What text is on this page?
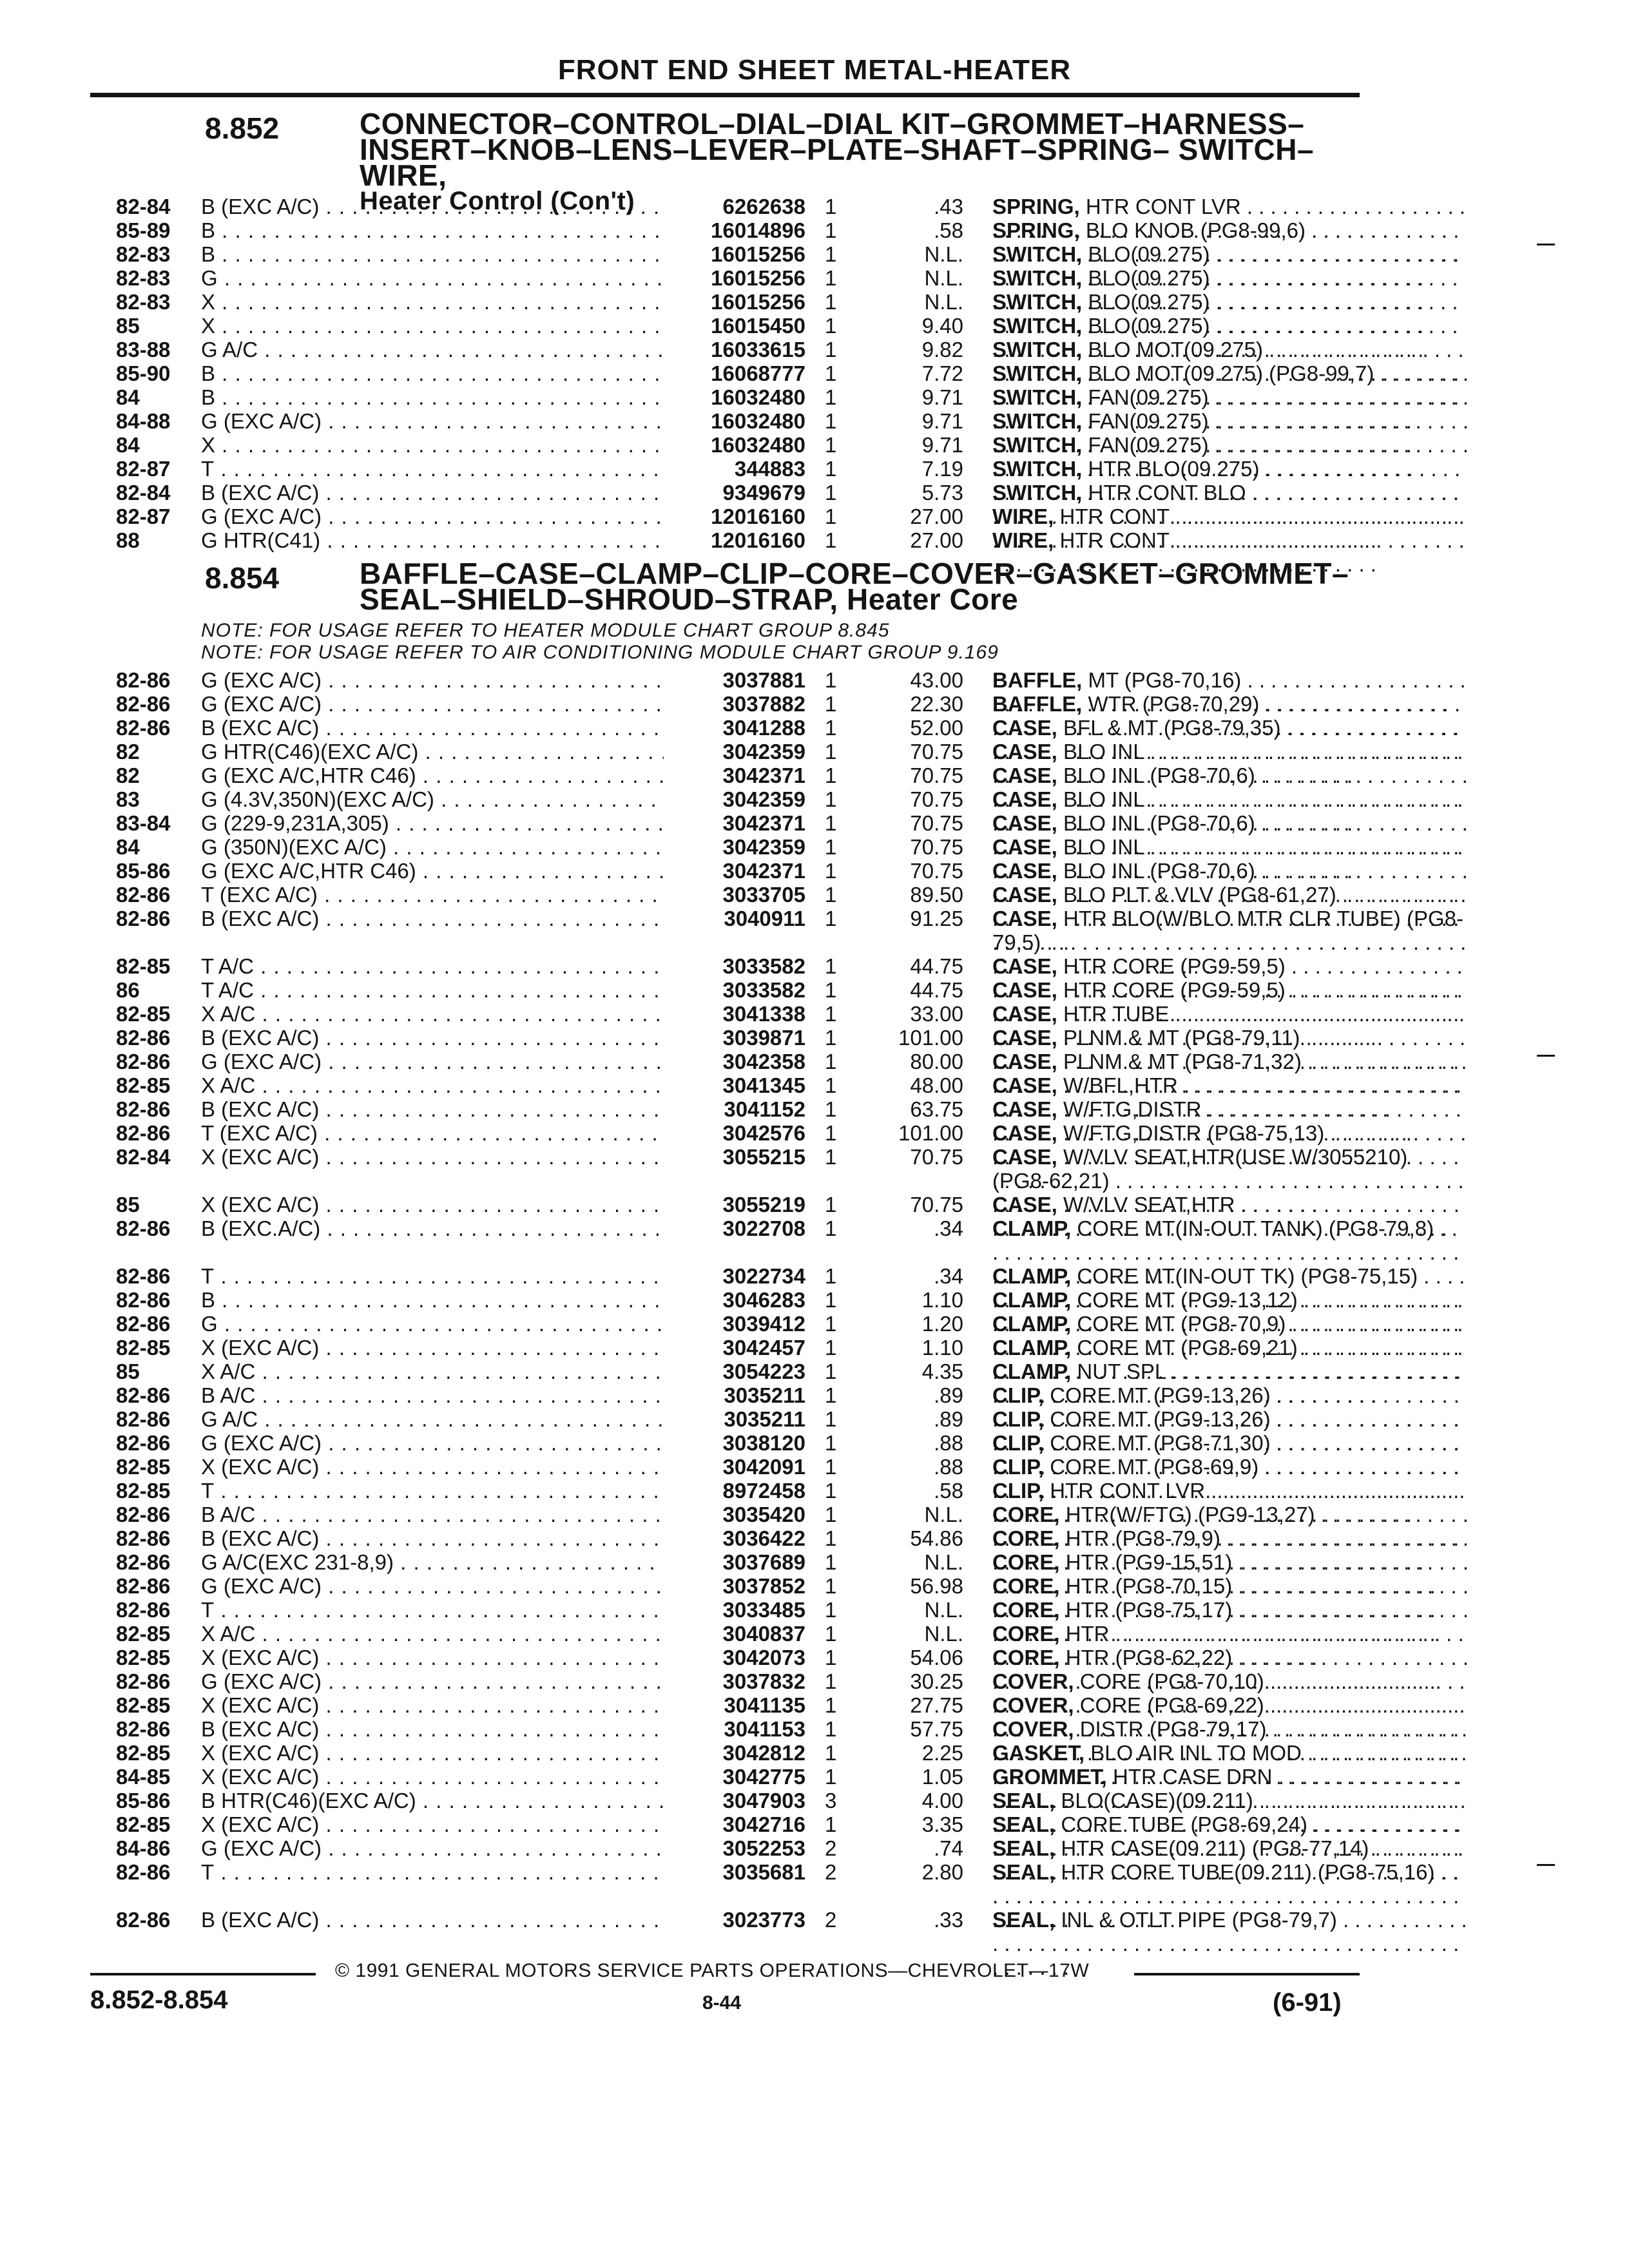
FRONT END SHEET METAL-HEATER
8.852	CONNECTOR–CONTROL–DIAL–DIAL KIT–GROMMET–HARNESS–
INSERT–KNOB–LENS–LEVER–PLATE–SHAFT–SPRING– SWITCH–WIRE,
Heater Control (Con't)
82-84 B (EXC A/C) . . .	6262638 1	.43 SPRING, HTR CONT LVR . . .
85-89 B . . .	16014896 1	.58 SPRING, BLO KNOB (PG8-99,6) . . .
82-83 B . . .	16015256 1	N.L. SWITCH, BLO(09.275) . . .
82-83 G . . .	16015256 1	N.L. SWITCH, BLO(09.275) . . .
82-83 X . . .	16015256 1	N.L. SWITCH, BLO(09.275) . . .
85	X . . .	16015450 1	9.40 SWITCH, BLO(09.275) . . .
83-88 G A/C . . .	16033615 1	9.82 SWITCH, BLO MOT(09.275) . . .
85-90 B . . .	16068777 1	7.72 SWITCH, BLO MOT(09.275) (PG8-99,7) . . .
84	B . . .	16032480 1	9.71 SWITCH, FAN(09.275) . . .
84-88 G (EXC A/C) . . .	16032480 1	9.71 SWITCH, FAN(09.275) . . .
84	X . . .	16032480 1	9.71 SWITCH, FAN(09.275) . . .
82-87 T . . .	344883 1	7.19 SWITCH, HTR BLO(09.275) . . .
82-84 B (EXC A/C) . . .	9349679 1	5.73 SWITCH, HTR CONT BLO . . .
82-87 G (EXC A/C) . . .	12016160 1	27.00 WIRE, HTR CONT . . .
88	G HTR(C41) . . .	12016160 1	27.00 WIRE, HTR CONT . . .
8.854	BAFFLE–CASE–CLAMP–CLIP–CORE–COVER–GASKET–GROMMET–
SEAL–SHIELD–SHROUD–STRAP, Heater Core
NOTE: FOR USAGE REFER TO HEATER MODULE CHART GROUP 8.845
NOTE: FOR USAGE REFER TO AIR CONDITIONING MODULE CHART GROUP 9.169
82-86 G (EXC A/C) . . .	3037881 1	43.00 BAFFLE, MT (PG8-70,16) . . .
82-86 G (EXC A/C) . . .	3037882 1	22.30 BAFFLE, WTR (PG8-70,29) . . .
82-86 B (EXC A/C) . . .	3041288 1	52.00 CASE, BFL & MT (PG8-79,35) . . .
82	G HTR(C46)(EXC A/C) . . .	3042359 1	70.75 CASE, BLO INL . . .
82	G (EXC A/C,HTR C46) . . .	3042371 1	70.75 CASE, BLO INL (PG8-70,6) . . .
83	G (4.3V,350N)(EXC A/C) . . .	3042359 1	70.75 CASE, BLO INL . . .
83-84 G (229-9,231A,305) . . .	3042371 1	70.75 CASE, BLO INL (PG8-70,6) . . .
84	G (350N)(EXC A/C) . . .	3042359 1	70.75 CASE, BLO INL . . .
85-86 G (EXC A/C,HTR C46) . . .	3042371 1	70.75 CASE, BLO INL (PG8-70,6) . . .
82-86 T (EXC A/C) . . .	3033705 1	89.50 CASE, BLO PLT & VLV (PG8-61,27) . . .
82-86 B (EXC A/C) . . .	3040911 1	91.25 CASE, HTR BLO(W/BLO MTR CLR TUBE) (PG8-79,5) . . .
82-85 T A/C . . .	3033582 1	44.75 CASE, HTR CORE (PG9-59,5) . . .
86	T A/C . . .	3033582 1	44.75 CASE, HTR CORE (PG9-59,5) . . .
82-85 X A/C . . .	3041338 1	33.00 CASE, HTR TUBE . . .
82-86 B (EXC A/C) . . .	3039871 1	101.00 CASE, PLNM & MT (PG8-79,11) . . .
82-86 G (EXC A/C) . . .	3042358 1	80.00 CASE, PLNM & MT (PG8-71,32) . . .
82-85 X A/C . . .	3041345 1	48.00 CASE, W/BFL,HTR . . .
82-86 B (EXC A/C) . . .	3041152 1	63.75 CASE, W/FTG,DISTR . . .
82-86 T (EXC A/C) . . .	3042576 1	101.00 CASE, W/FTG,DISTR (PG8-75,13) . . .
82-84 X (EXC A/C) . . .	3055215 1	70.75 CASE, W/VLV SEAT,HTR(USE W/3055210) (PG8-62,21) . . .
85	X (EXC A/C) . . .	3055219 1	70.75 CASE, W/VLV SEAT,HTR . . .
82-86 B (EXC.A/C) . . .	3022708 1	.34 CLAMP, CORE MT(IN-OUT TANK) (PG8-79,8) . . .
82-86 T . . .	3022734 1	.34 CLAMP, CORE MT(IN-OUT TK) (PG8-75,15) . . .
82-86 B . . .	3046283 1	1.10 CLAMP, CORE MT (PG9-13,12) . . .
82-86 G . . .	3039412 1	1.20 CLAMP, CORE MT (PG8-70,9) . . .
82-85 X (EXC A/C) . . .	3042457 1	1.10 CLAMP, CORE MT (PG8-69,21) . . .
85	X A/C . . .	3054223 1	4.35 CLAMP, NUT SPL . . .
82-86 B A/C . . .	3035211 1	.89 CLIP, CORE MT (PG9-13,26) . . .
82-86 G A/C . . .	3035211 1	.89 CLIP, CORE MT (PG9-13,26) . . .
82-86 G (EXC A/C) . . .	3038120 1	.88 CLIP, CORE MT (PG8-71,30) . . .
82-85 X (EXC A/C) . . .	3042091 1	.88 CLIP, CORE MT (PG8-69,9) . . .
82-85 T . . .	8972458 1	.58 CLIP, HTR CONT LVR . . .
82-86 B A/C . . .	3035420 1	N.L. CORE, HTR(W/FTG) (PG9-13,27) . . .
82-86 B (EXC A/C) . . .	3036422 1	54.86 CORE, HTR (PG8-79,9) . . .
82-86 G A/C(EXC 231-8,9) . . .	3037689 1	N.L. CORE, HTR (PG9-15,51) . . .
82-86 G (EXC A/C) . . .	3037852 1	56.98 CORE, HTR (PG8-70,15) . . .
82-86 T . . .	3033485 1	N.L. CORE, HTR (PG8-75,17) . . .
82-85 X A/C . . .	3040837 1	N.L. CORE, HTR . . .
82-85 X (EXC A/C) . . .	3042073 1	54.06 CORE, HTR (PG8-62,22) . . .
82-86 G (EXC A/C) . . .	3037832 1	30.25 COVER, CORE (PG8-70,10) . . .
82-85 X (EXC A/C) . . .	3041135 1	27.75 COVER, CORE (PG8-69,22) . . .
82-86 B (EXC A/C) . . .	3041153 1	57.75 COVER, DISTR (PG8-79,17) . . .
82-85 X (EXC A/C) . . .	3042812 1	2.25 GASKET, BLO AIR INL TO MOD . . .
84-85 X (EXC A/C) . . .	3042775 1	1.05 GROMMET, HTR CASE DRN . . .
85-86 B HTR(C46)(EXC A/C) . . .	3047903 3	4.00 SEAL, BLO(CASE)(09.211) . . .
82-85 X (EXC A/C) . . .	3042716 1	3.35 SEAL, CORE TUBE (PG8-69,24) . . .
84-86 G (EXC A/C) . . .	3052253 2	.74 SEAL, HTR CASE(09.211) (PG8-77,14) . . .
82-86 T . . .	3035681 2	2.80 SEAL, HTR CORE TUBE(09.211) (PG8-75,16) . . .
82-86 B (EXC A/C) . . .	3023773 2	.33 SEAL, INL & OTLT PIPE (PG8-79,7) . . .
© 1991 GENERAL MOTORS SERVICE PARTS OPERATIONS—CHEVROLET—17W
8.852-8.854	8-44	(6-91)
